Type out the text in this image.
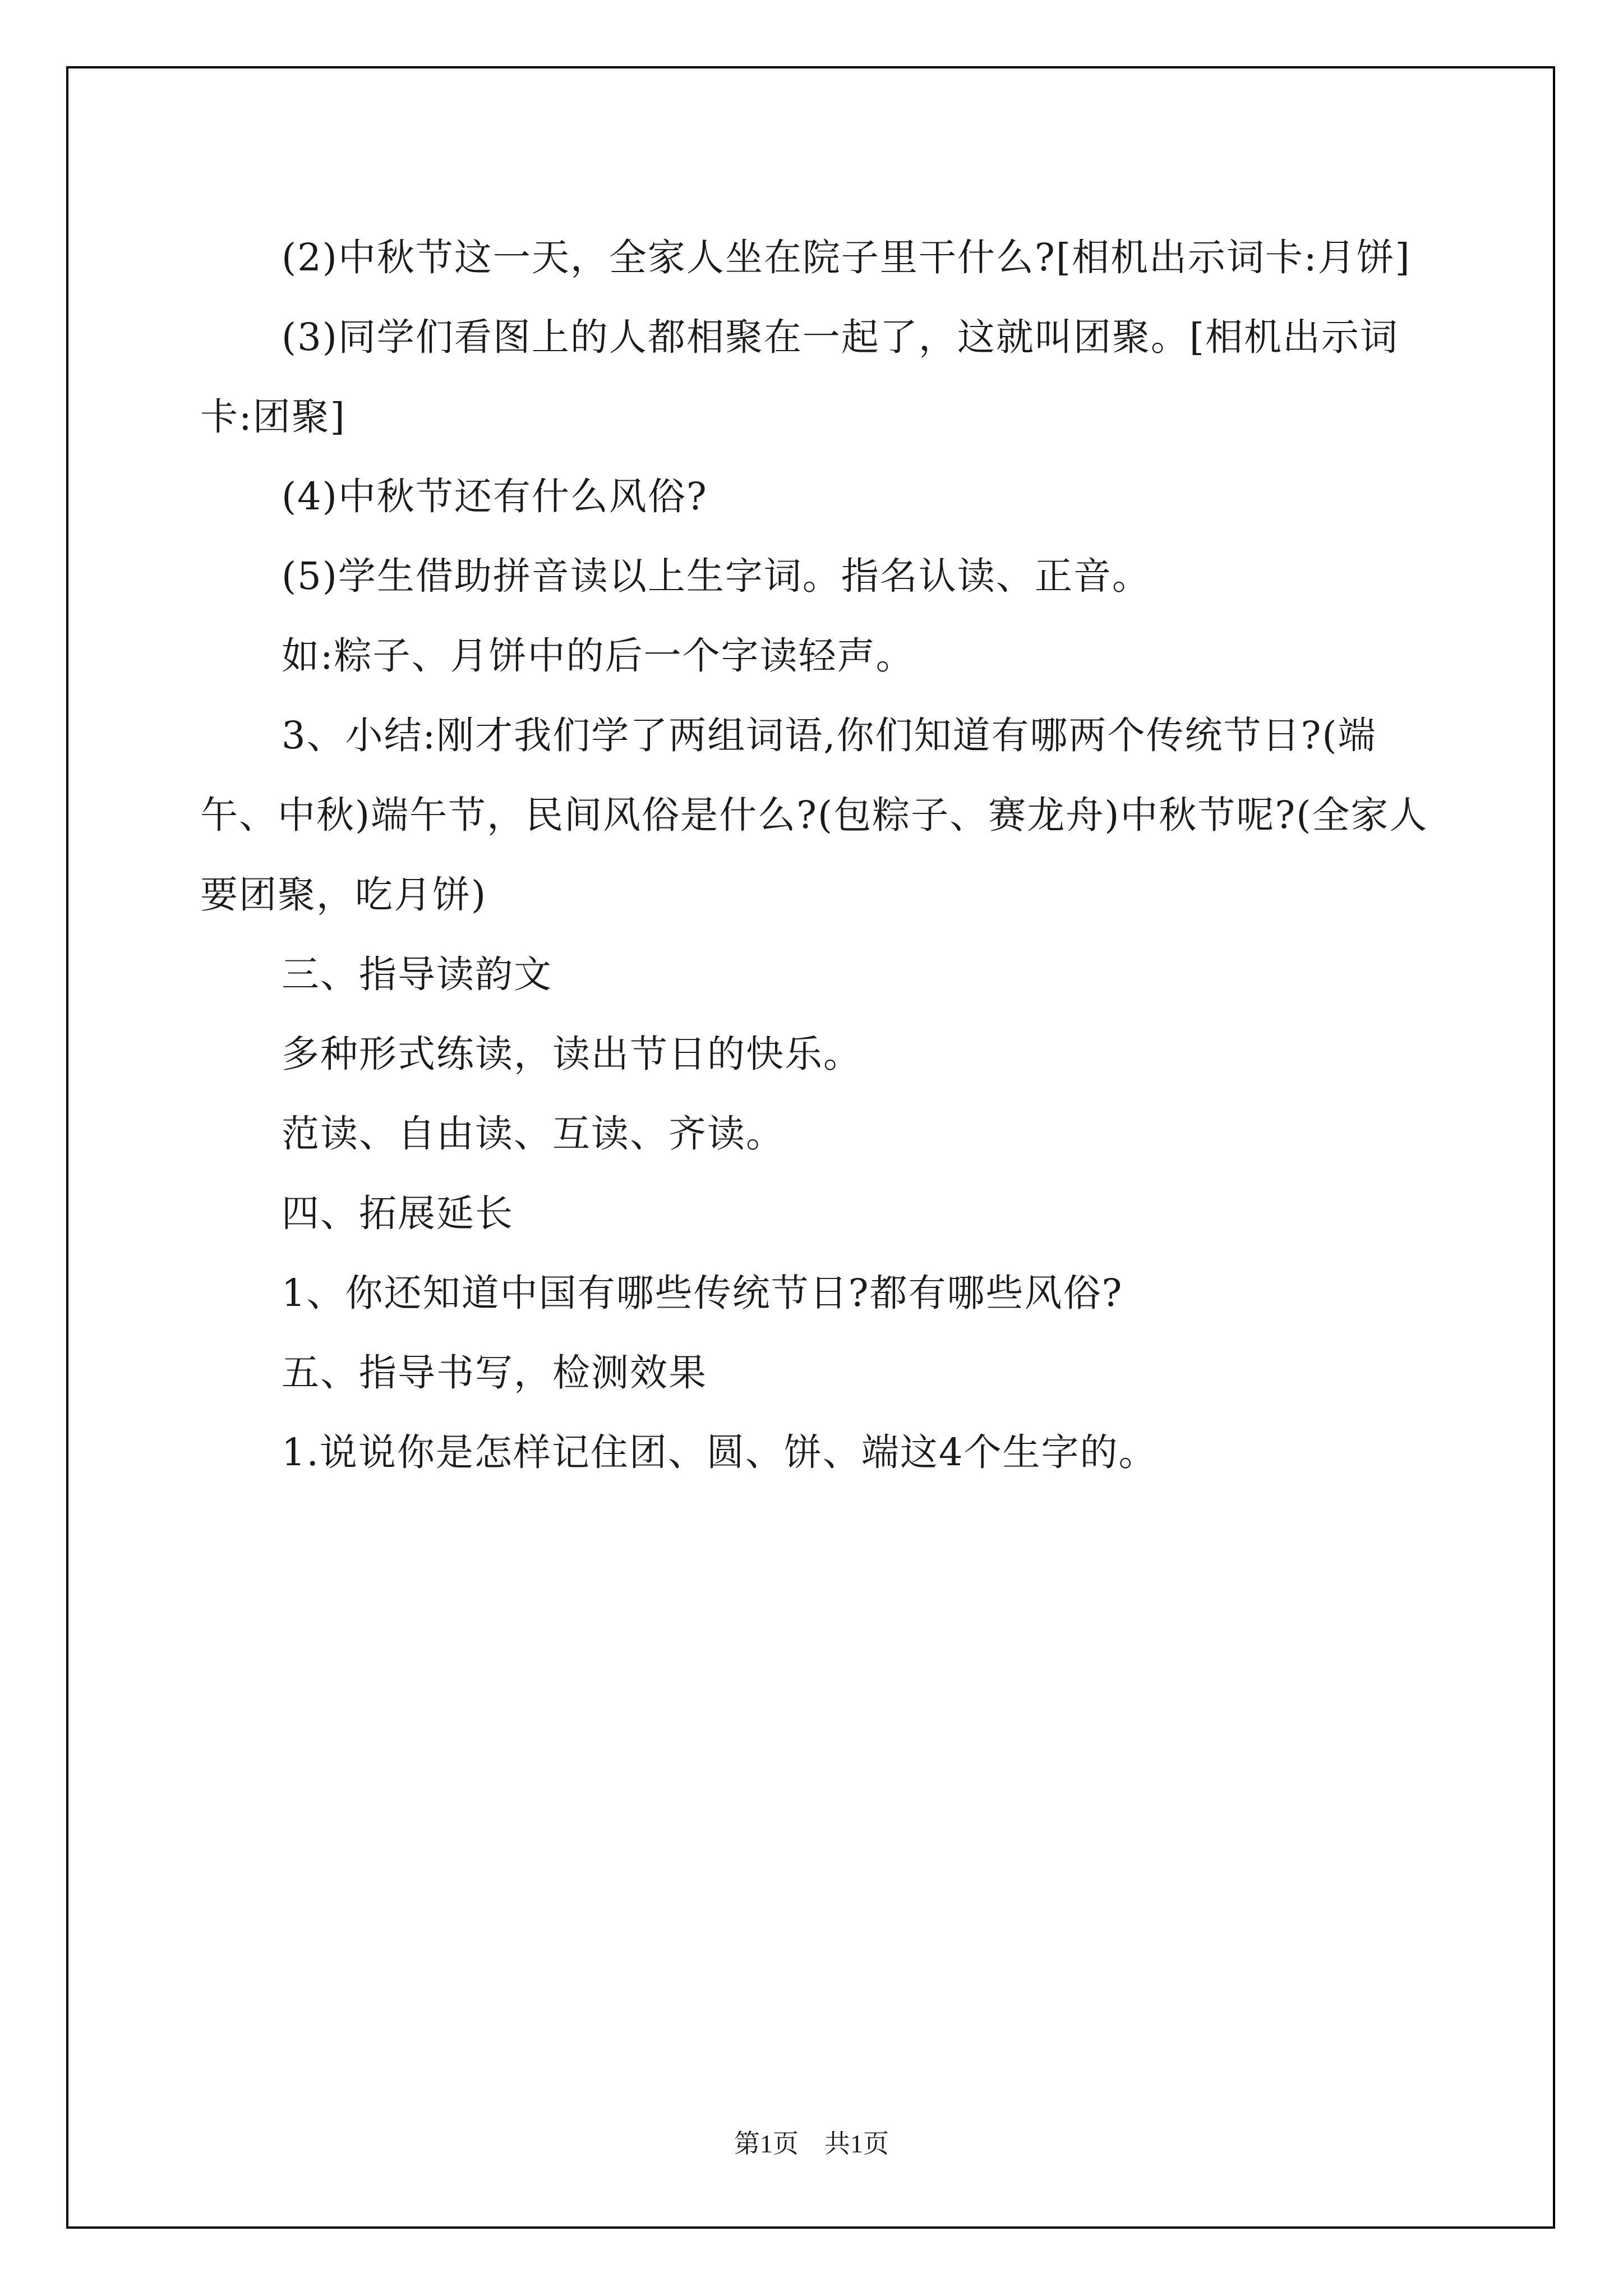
(2)中秋节这一天，全家人坐在院子里干什么?[相机出示词卡:月饼]

(3)同学们看图上的人都相聚在一起了，这就叫团聚。[相机出示词卡:团聚]

(4)中秋节还有什么风俗?

(5)学生借助拼音读以上生字词。指名认读、正音。

如:粽子、月饼中的后一个字读轻声。

3、小结:刚才我们学了两组词语,你们知道有哪两个传统节日?(端午、中秋)端午节，民间风俗是什么?(包粽子、赛龙舟)中秋节呢?(全家人要团聚，吃月饼)

三、指导读韵文

多种形式练读，读出节日的快乐。

范读、自由读、互读、齐读。

四、拓展延长

1、你还知道中国有哪些传统节日?都有哪些风俗?

五、指导书写，检测效果

1.说说你是怎样记住团、圆、饼、端这4个生字的。

第1页　共1页
